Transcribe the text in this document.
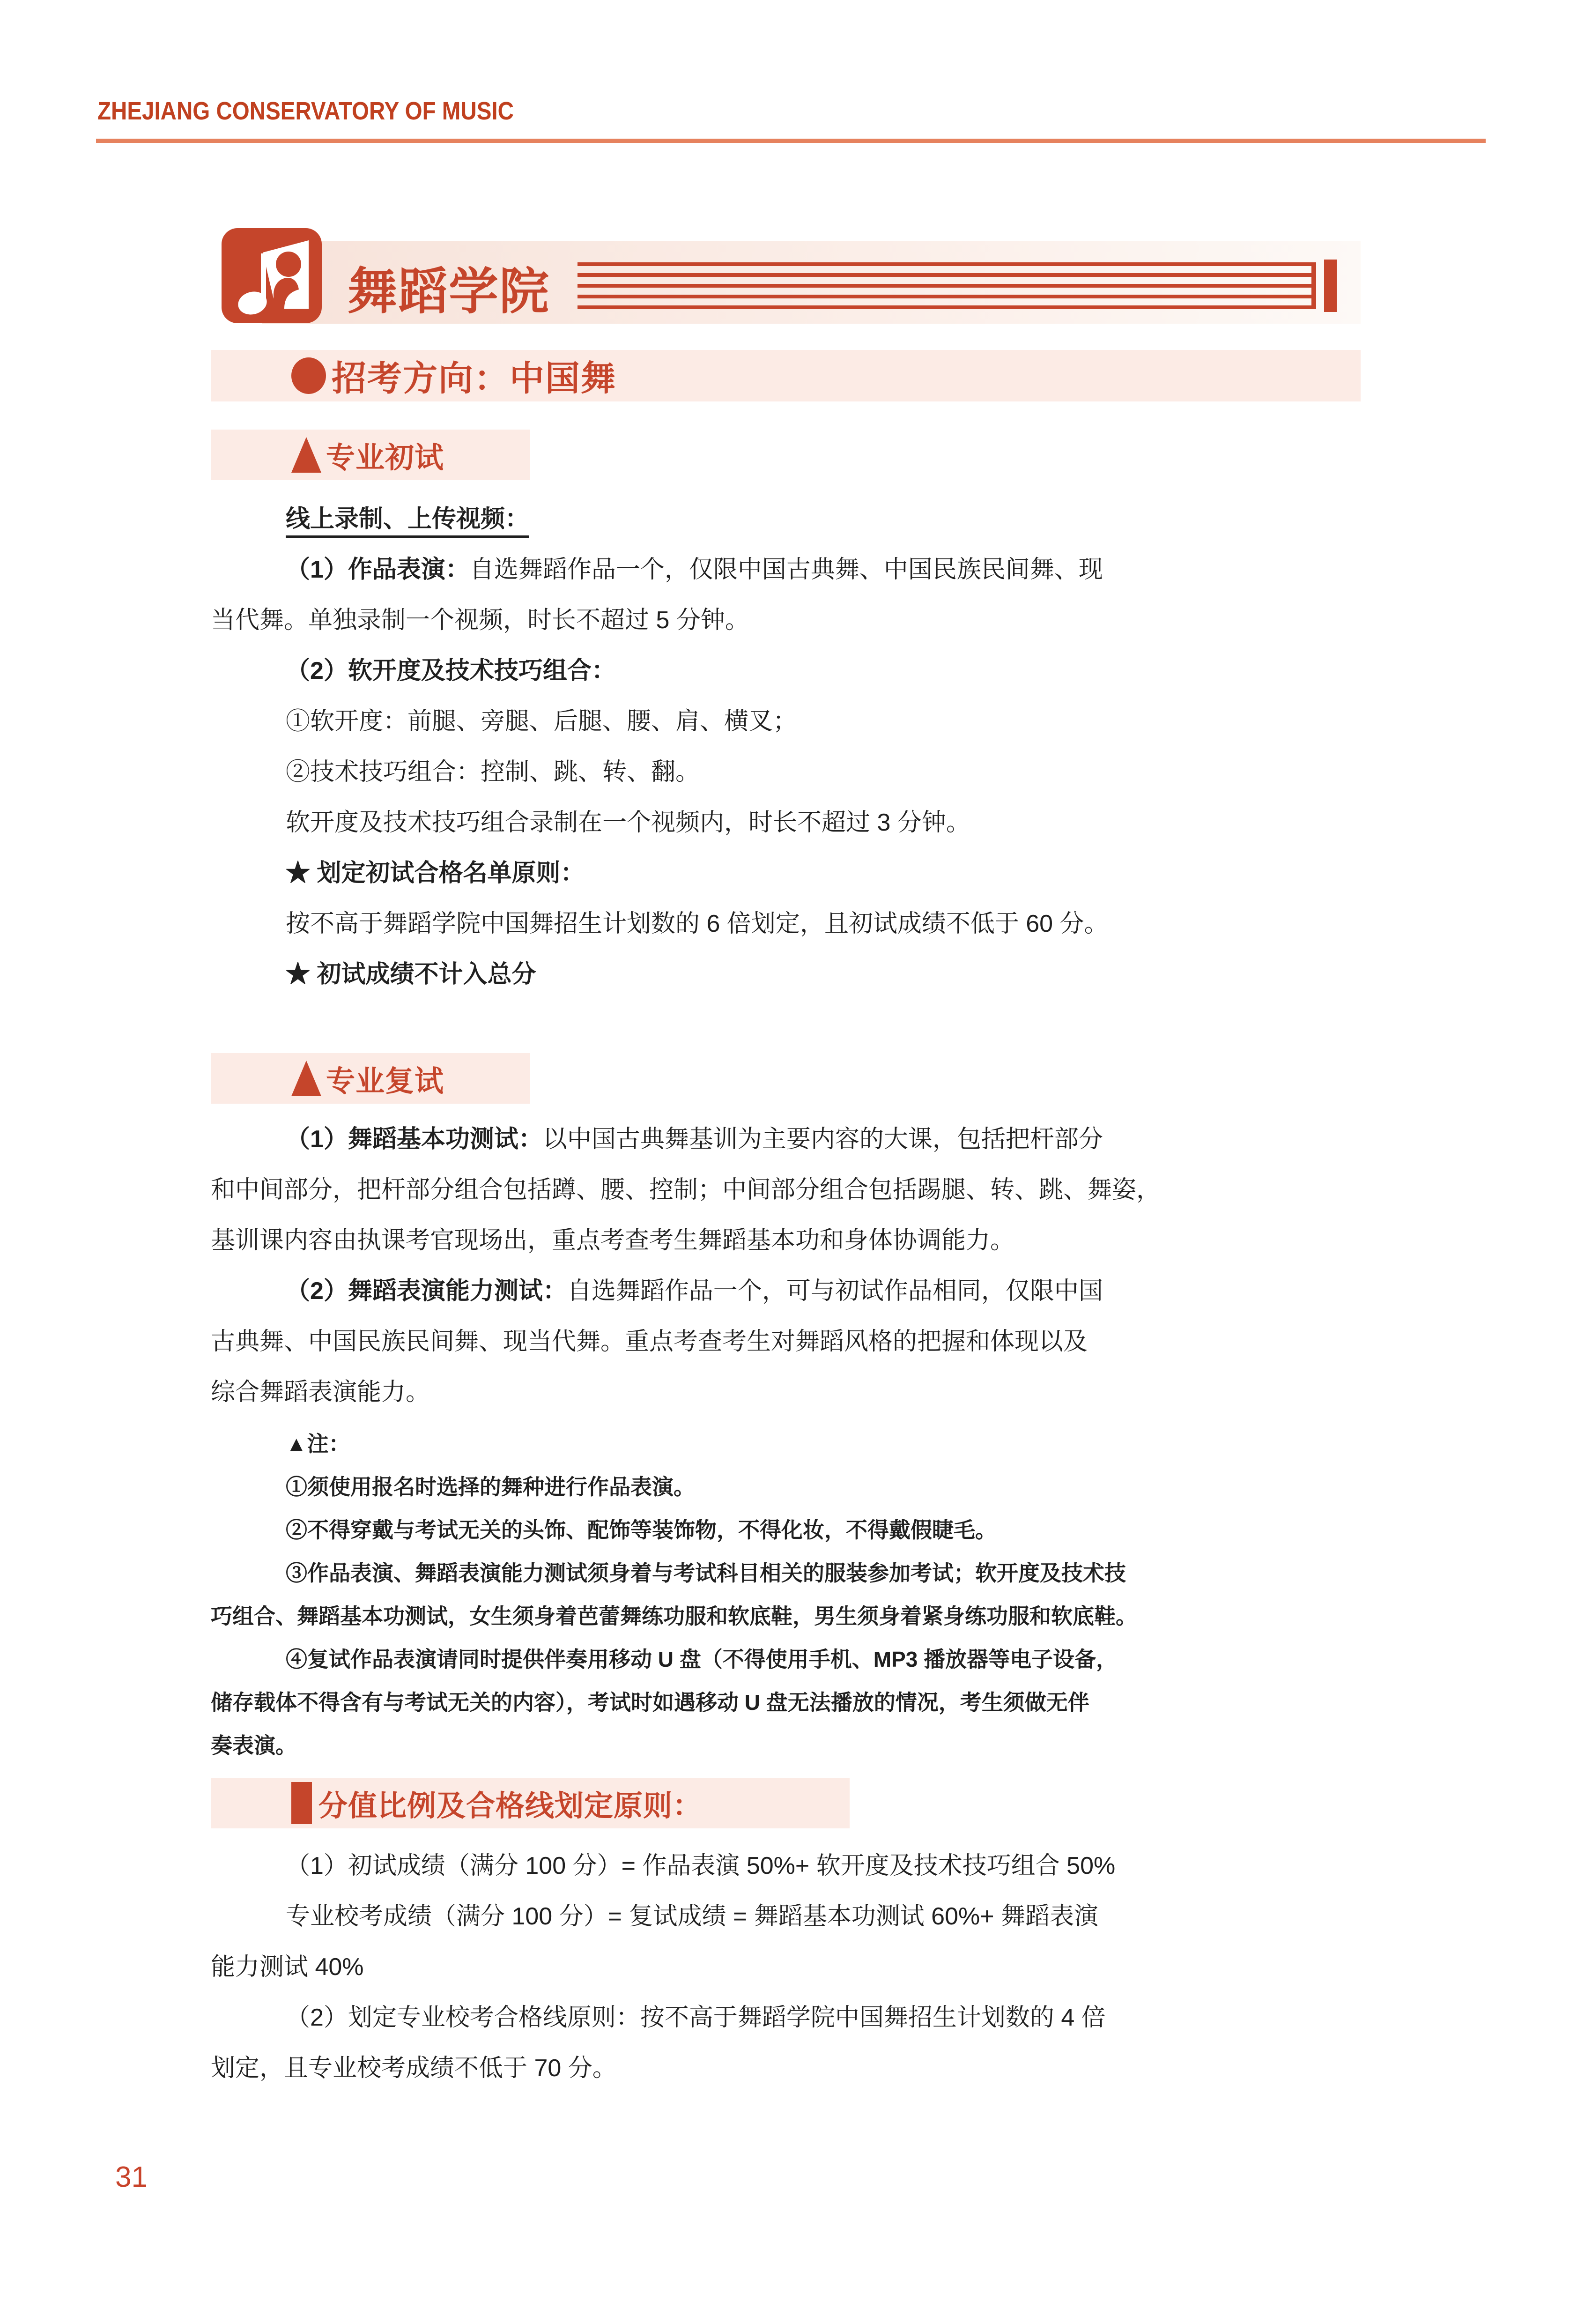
ZHEJIANG CONSERVATORY OF MUSIC
舞蹈学院
招考方向：中国舞
专业初试
线上录制、上传视频：
（1）作品表演：自选舞蹈作品一个，仅限中国古典舞、中国民族民间舞、现
当代舞。单独录制一个视频，时长不超过 5 分钟。
（2）软开度及技术技巧组合：
①软开度：前腿、旁腿、后腿、腰、肩、横叉；
②技术技巧组合：控制、跳、转、翻。
软开度及技术技巧组合录制在一个视频内，时长不超过 3 分钟。
★ 划定初试合格名单原则：
按不高于舞蹈学院中国舞招生计划数的 6 倍划定，且初试成绩不低于 60 分。
★ 初试成绩不计入总分
专业复试
（1）舞蹈基本功测试：以中国古典舞基训为主要内容的大课，包括把杆部分
和中间部分，把杆部分组合包括蹲、腰、控制；中间部分组合包括踢腿、转、跳、舞姿，
基训课内容由执课考官现场出，重点考查考生舞蹈基本功和身体协调能力。
（2）舞蹈表演能力测试：自选舞蹈作品一个，可与初试作品相同，仅限中国
古典舞、中国民族民间舞、现当代舞。重点考查考生对舞蹈风格的把握和体现以及
综合舞蹈表演能力。
▲注：
①须使用报名时选择的舞种进行作品表演。
②不得穿戴与考试无关的头饰、配饰等装饰物，不得化妆，不得戴假睫毛。
③作品表演、舞蹈表演能力测试须身着与考试科目相关的服装参加考试；软开度及技术技
巧组合、舞蹈基本功测试，女生须身着芭蕾舞练功服和软底鞋，男生须身着紧身练功服和软底鞋。
④复试作品表演请同时提供伴奏用移动 U 盘（不得使用手机、MP3 播放器等电子设备，
储存载体不得含有与考试无关的内容），考试时如遇移动 U 盘无法播放的情况，考生须做无伴
奏表演。
分值比例及合格线划定原则：
（1）初试成绩（满分 100 分）= 作品表演 50%+ 软开度及技术技巧组合 50%
专业校考成绩（满分 100 分）= 复试成绩 = 舞蹈基本功测试 60%+ 舞蹈表演
能力测试 40%
（2）划定专业校考合格线原则：按不高于舞蹈学院中国舞招生计划数的 4 倍
划定，且专业校考成绩不低于 70 分。
31
